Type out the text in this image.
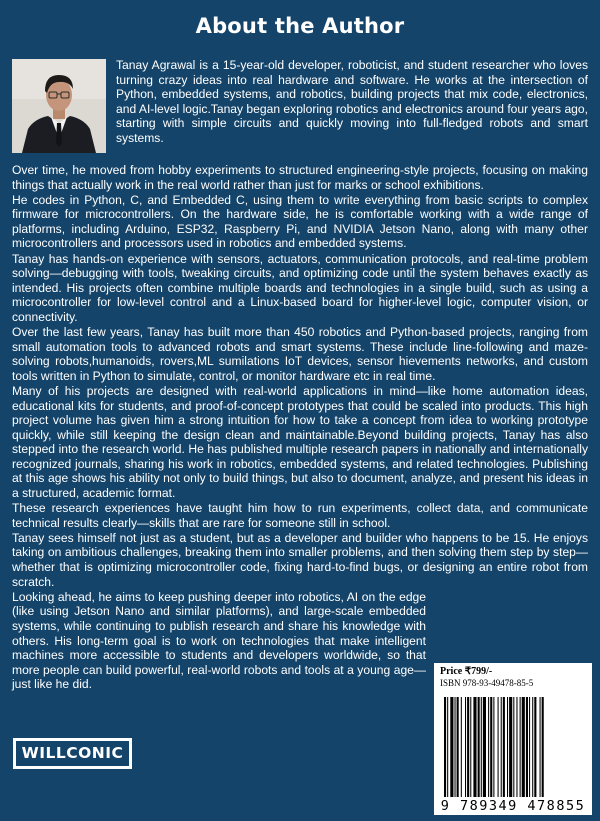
About the Author

Tanay Agrawal is a 15-year-old developer, roboticist, and student researcher who loves turning crazy ideas into real hardware and software. He works at the intersection of Python, embedded systems, and robotics, building projects that mix code, electronics, and AI-level logic.Tanay began exploring robotics and electronics around four years ago, starting with simple circuits and quickly moving into full-fledged robots and smart systems.

Over time, he moved from hobby experiments to structured engineering-style projects, focusing on making things that actually work in the real world rather than just for marks or school exhibitions.

He codes in Python, C, and Embedded C, using them to write everything from basic scripts to complex firmware for microcontrollers. On the hardware side, he is comfortable working with a wide range of platforms, including Arduino, ESP32, Raspberry Pi, and NVIDIA Jetson Nano, along with many other microcontrollers and processors used in robotics and embedded systems.

Tanay has hands-on experience with sensors, actuators, communication protocols, and real-time problem solving—debugging with tools, tweaking circuits, and optimizing code until the system behaves exactly as intended. His projects often combine multiple boards and technologies in a single build, such as using a microcontroller for low-level control and a Linux-based board for higher-level logic, computer vision, or connectivity.

Over the last few years, Tanay has built more than 450 robotics and Python-based projects, ranging from small automation tools to advanced robots and smart systems. These include line-following and maze-solving robots,humanoids, rovers,ML sumilations IoT devices, sensor hievements networks, and custom tools written in Python to simulate, control, or monitor hardware etc in real time.

Many of his projects are designed with real-world applications in mind—like home automation ideas, educational kits for students, and proof-of-concept prototypes that could be scaled into products. This high project volume has given him a strong intuition for how to take a concept from idea to working prototype quickly, while still keeping the design clean and maintainable.Beyond building projects, Tanay has also stepped into the research world. He has published multiple research papers in nationally and internationally recognized journals, sharing his work in robotics, embedded systems, and related technologies. Publishing at this age shows his ability not only to build things, but also to document, analyze, and present his ideas in a structured, academic format.

These research experiences have taught him how to run experiments, collect data, and communicate technical results clearly—skills that are rare for someone still in school.

Tanay sees himself not just as a student, but as a developer and builder who happens to be 15. He enjoys taking on ambitious challenges, breaking them into smaller problems, and then solving them step by step—whether that is optimizing microcontroller code, fixing hard-to-find bugs, or designing an entire robot from scratch.

Looking ahead, he aims to keep pushing deeper into robotics, AI on the edge (like using Jetson Nano and similar platforms), and large-scale embedded systems, while continuing to publish research and share his knowledge with others. His long-term goal is to work on technologies that make intelligent machines more accessible to students and developers worldwide, so that more people can build powerful, real-world robots and tools at a young age—just like he did.

Price ₹799/-
ISBN 978-93-49478-85-5
9 789349 478855
WILLCONIC
